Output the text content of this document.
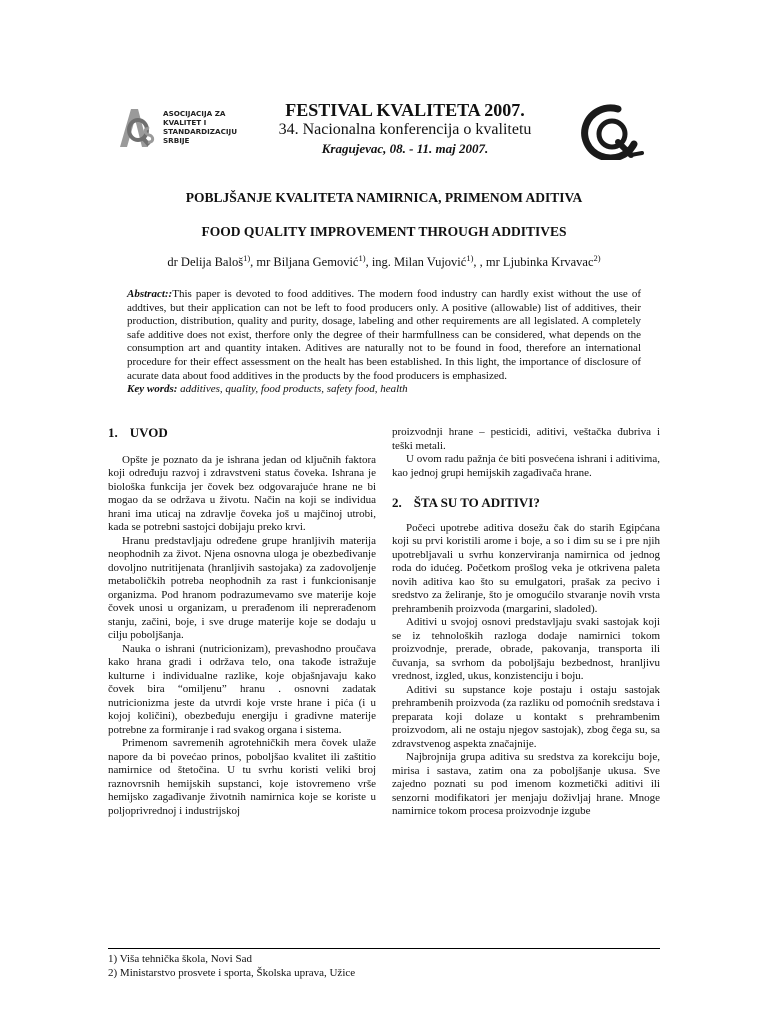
ASOCIJACIJA ZA
KVALITET I
STANDARDIZACIJU
SRBIJE
FESTIVAL KVALITETA 2007.
34. Nacionalna konferencija o kvalitetu
Kragujevac, 08. - 11. maj 2007.
POBLJŠANJE KVALITETA NAMIRNICA, PRIMENOM ADITIVA
FOOD QUALITY IMPROVEMENT THROUGH ADDITIVES
dr Delija Baloš$^{1)}$, mr Biljana Gemović$^{1)}$, ing. Milan Vujović$^{1)}$, , mr Ljubinka Krvavac$^{2)}$
Abstract::This paper is devoted to food additives. The modern food industry can hardly exist without the use of addtives, but their application can not be left to food producers only. A positive (allowable) list of additives, their production, distribution, quality and purity, dosage, labeling and other requirements are all legislated. A completely safe additive does not exist, therfore only the degree of their harmfullness can be considered, what depends on the consumption art and quantity intaken. Aditives are naturally not to be found in food, therefore an international procedure for their effect assessment on the healt has been established. In this light, the importance of disclosure of acurate data about food additives in the products by the food producers is emphasized.
Key words: additives, quality, food products, safety food, health
1. UVOD

Opšte je poznato da je ishrana jedan od ključnih faktora koji određuju razvoj i zdravstveni status čoveka. Ishrana je biološka funkcija jer čovek bez odgovarajuće hrane ne bi mogao da se održava u životu. Način na koji se individua hrani ima uticaj na zdravlje čoveka još u majčinoj utrobi, kada se potrebni sastojci dobijaju preko krvi.

Hranu predstavljaju određene grupe hranljivih materija neophodnih za život. Njena osnovna uloga je obezbeđivanje dovoljno nutritijenata (hranljivih sastojaka) za zadovoljenje metaboličkih potreba neophodnih za rast i funkcionisanje organizma. Pod hranom podrazumevamo sve materije koje čovek unosi u organizam, u prerađenom ili neprerađenom stanju, začini, boje, i sve druge materije koje se dodaju u cilju poboljšanja.

Nauka o ishrani (nutricionizam), prevashodno proučava kako hrana gradi i održava telo, ona takođe istražuje kulturne i individualne razlike, koje objašnjavaju kako čovek bira “omiljenu” hranu . osnovni zadatak nutricionizma jeste da utvrdi koje vrste hrane i pića (i u kojoj količini), obezbeđuju energiju i gradivne materije potrebne za formiranje i rad svakog organa i sistema.

Primenom savremenih agrotehničkih mera čovek ulaže napore da bi povećao prinos, poboljšao kvalitet ili zaštitio namirnice od štetočina. U tu svrhu koristi veliki broj raznovrsnih hemijskih supstanci, koje istovremeno vrše hemijsko zagađivanje životnih namirnica koje se koriste u poljoprivrednoj i industrijskoj

proizvodnji hrane – pesticidi, aditivi, veštačka đubriva i teški metali.

U ovom radu pažnja će biti posvećena ishrani i aditivima, kao jednoj grupi hemijskih zagađivača hrane.

2. ŠTA SU TO ADITIVI?

Počeci upotrebe aditiva dosežu čak do starih Egipćana koji su prvi koristili arome i boje, a so i dim su se i pre njih upotrebljavali u svrhu konzerviranja namirnica od jednog roda do idućeg. Početkom prošlog veka je otkrivena paleta novih aditiva kao što su emulgatori, prašak za pecivo i sredstvo za želiranje, što je omogućilo stvaranje novih vrsta prehrambenih proizvoda (margarini, sladoled).

Aditivi u svojoj osnovi predstavljaju svaki sastojak koji se iz tehnoloških razloga dodaje namirnici tokom proizvodnje, prerade, obrade, pakovanja, transporta ili čuvanja, sa svrhom da poboljšaju bezbednost, hranljivu vrednost, izgled, ukus, konzistenciju i boju.

Aditivi su supstance koje postaju i ostaju sastojak prehrambenih proizvoda (za razliku od pomoćnih sredstava i preparata koji dolaze u kontakt s prehrambenim proizvodom, ali ne ostaju njegov sastojak), zbog čega su, sa zdravstvenog aspekta značajnije.

Najbrojnija grupa aditiva su sredstva za korekciju boje, mirisa i sastava, zatim ona za poboljšanje ukusa. Sve zajedno poznati su pod imenom kozmetički aditivi ili senzorni modifikatori jer menjaju doživljaj hrane. Mnoge namirnice tokom procesa proizvodnje izgube

1) Viša tehnička škola, Novi Sad
2) Ministarstvo prosvete i sporta, Školska uprava, Užice
